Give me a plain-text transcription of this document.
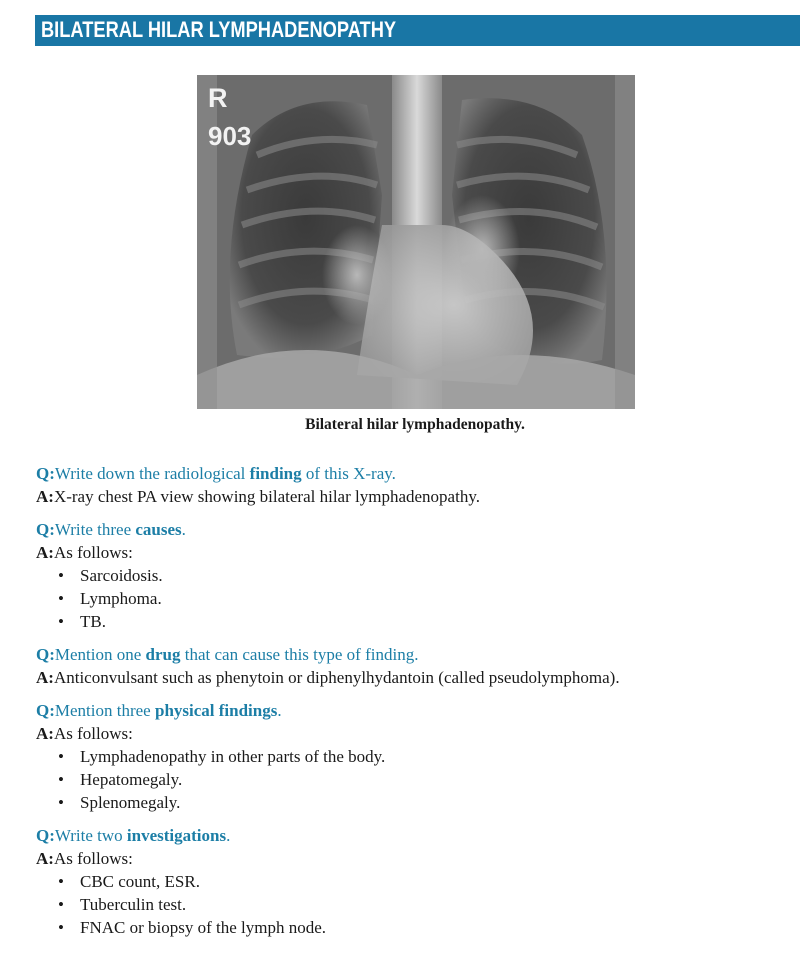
BILATERAL HILAR LYMPHADENOPATHY
R
903
Bilateral hilar lymphadenopathy.
Q:Write down the radiological finding of this X-ray.
A:X-ray chest PA view showing bilateral hilar lymphadenopathy.
Q:Write three causes.
A:As follows:
• Sarcoidosis.
• Lymphoma.
• TB.
Q:Mention one drug that can cause this type of finding.
A:Anticonvulsant such as phenytoin or diphenylhydantoin (called pseudolymphoma).
Q:Mention three physical findings.
A:As follows:
• Lymphadenopathy in other parts of the body.
• Hepatomegaly.
• Splenomegaly.
Q:Write two investigations.
A:As follows:
• CBC count, ESR.
• Tuberculin test.
• FNAC or biopsy of the lymph node.
